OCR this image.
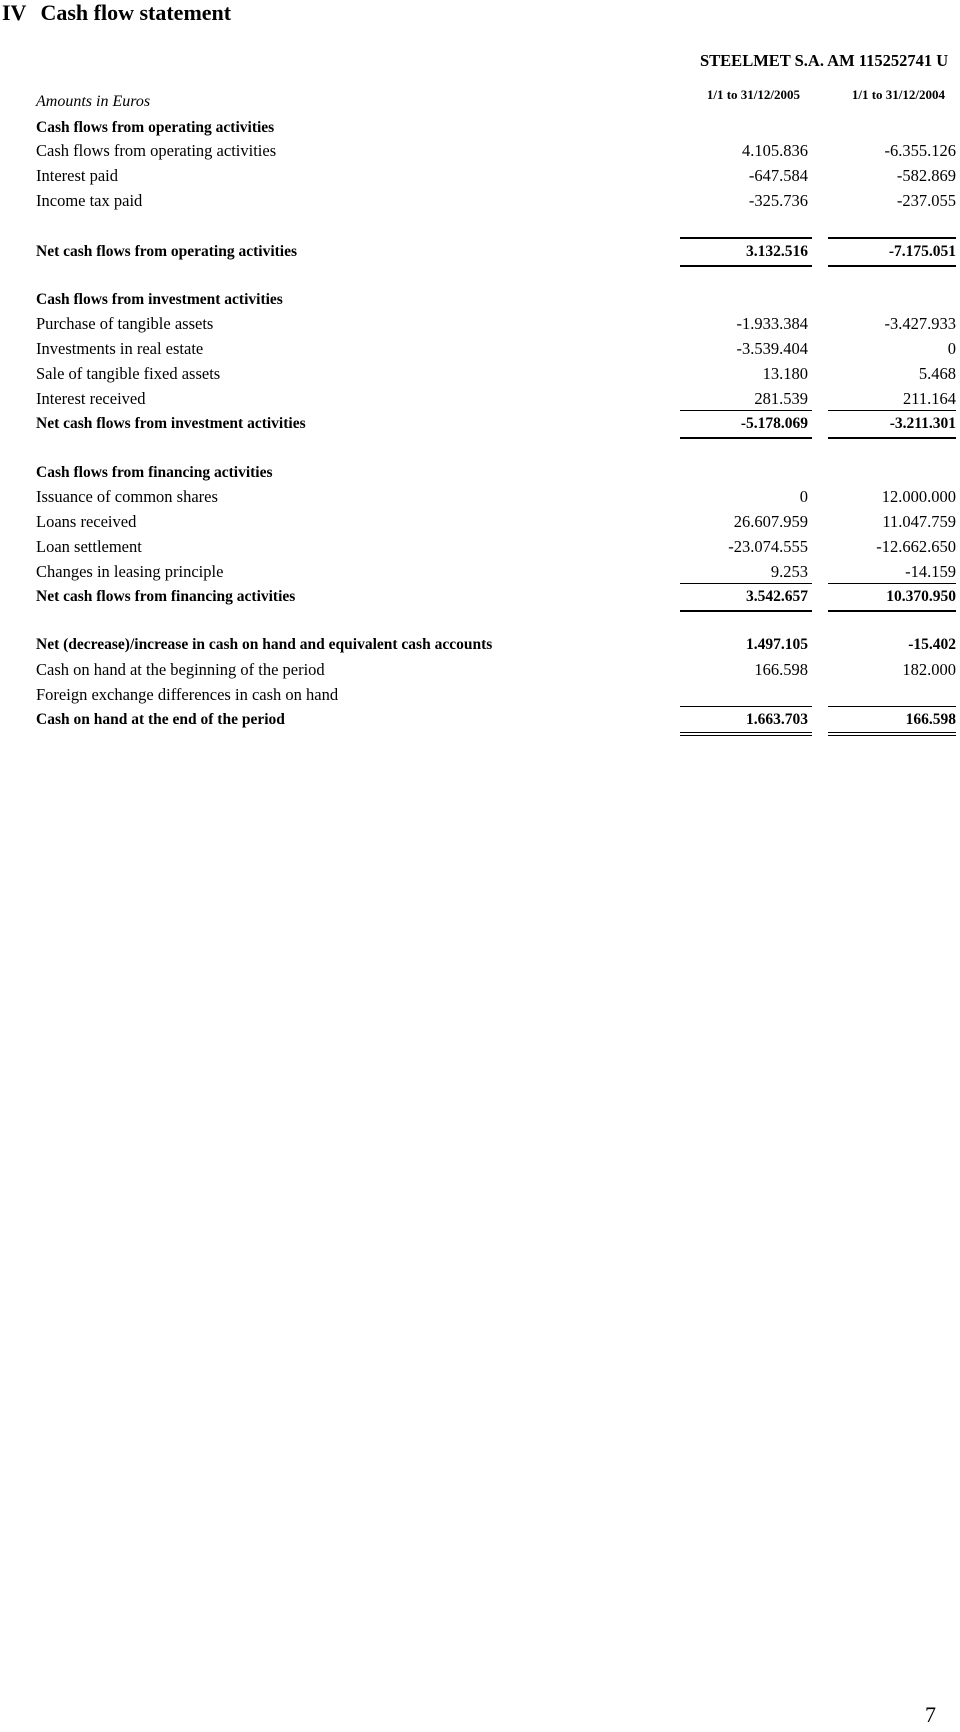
IV Cash flow statement
STEELMET S.A. AM 115252741 U
Amounts in Euros	1/1 to 31/12/2005	1/1 to 31/12/2004
Cash flows from operating activities
Cash flows from operating activities	4.105.836	-6.355.126
Interest paid	-647.584	-582.869
Income tax paid	-325.736	-237.055
Net cash flows from operating activities	3.132.516	-7.175.051
Cash flows from investment activities
Purchase of tangible assets	-1.933.384	-3.427.933
Investments in real estate	-3.539.404	0
Sale of tangible fixed assets	13.180	5.468
Interest received	281.539	211.164
Net cash flows from investment activities	-5.178.069	-3.211.301
Cash flows from financing activities
Issuance of common shares	0	12.000.000
Loans received	26.607.959	11.047.759
Loan settlement	-23.074.555	-12.662.650
Changes in leasing principle	9.253	-14.159
Net cash flows from financing activities	3.542.657	10.370.950
Net (decrease)/increase in cash on hand and equivalent cash accounts	1.497.105	-15.402
Cash on hand at the beginning of the period	166.598	182.000
Foreign exchange differences in cash on hand
Cash on hand at the end of the period	1.663.703	166.598
7
